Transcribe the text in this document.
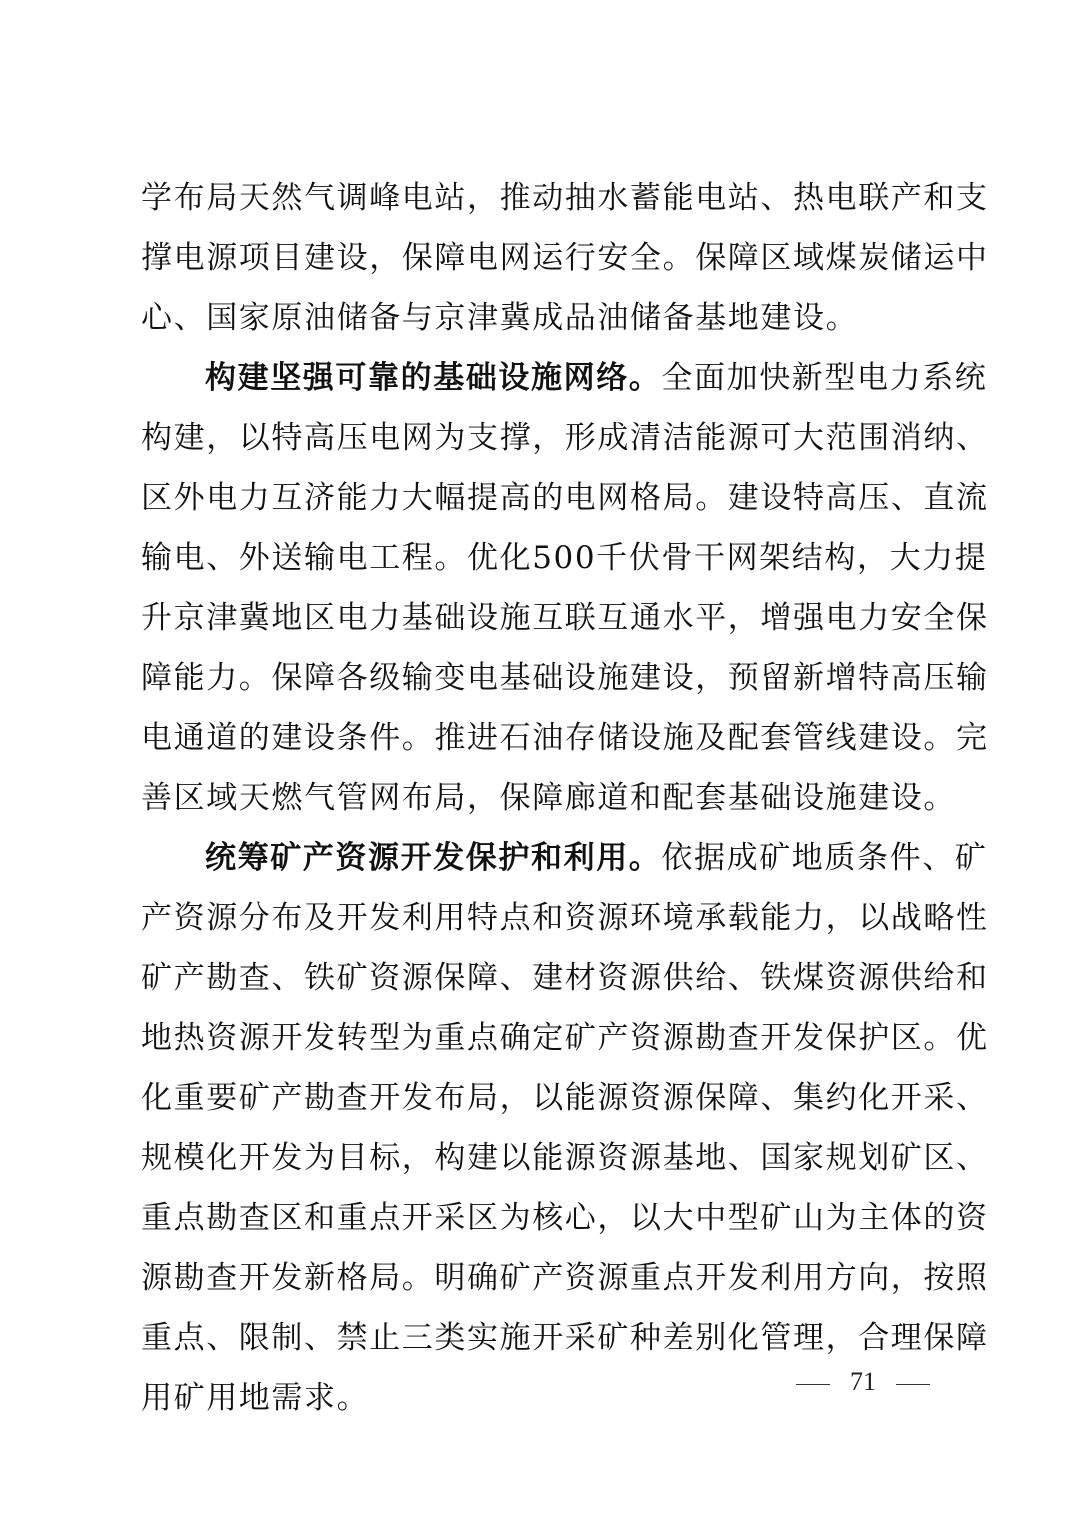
学布局天然气调峰电站，推动抽水蓄能电站、热电联产和支
撑电源项目建设，保障电网运行安全。保障区域煤炭储运中
心、国家原油储备与京津冀成品油储备基地建设。
构建坚强可靠的基础设施网络。全面加快新型电力系统
构建，以特高压电网为支撑，形成清洁能源可大范围消纳、
区外电力互济能力大幅提高的电网格局。建设特高压、直流
输电、外送输电工程。优化500千伏骨干网架结构，大力提
升京津冀地区电力基础设施互联互通水平，增强电力安全保
障能力。保障各级输变电基础设施建设，预留新增特高压输
电通道的建设条件。推进石油存储设施及配套管线建设。完
善区域天燃气管网布局，保障廊道和配套基础设施建设。
统筹矿产资源开发保护和利用。依据成矿地质条件、矿
产资源分布及开发利用特点和资源环境承载能力，以战略性
矿产勘查、铁矿资源保障、建材资源供给、铁煤资源供给和
地热资源开发转型为重点确定矿产资源勘查开发保护区。优
化重要矿产勘查开发布局，以能源资源保障、集约化开采、
规模化开发为目标，构建以能源资源基地、国家规划矿区、
重点勘查区和重点开采区为核心，以大中型矿山为主体的资
源勘查开发新格局。明确矿产资源重点开发利用方向，按照
重点、限制、禁止三类实施开采矿种差别化管理，合理保障
用矿用地需求。	71
